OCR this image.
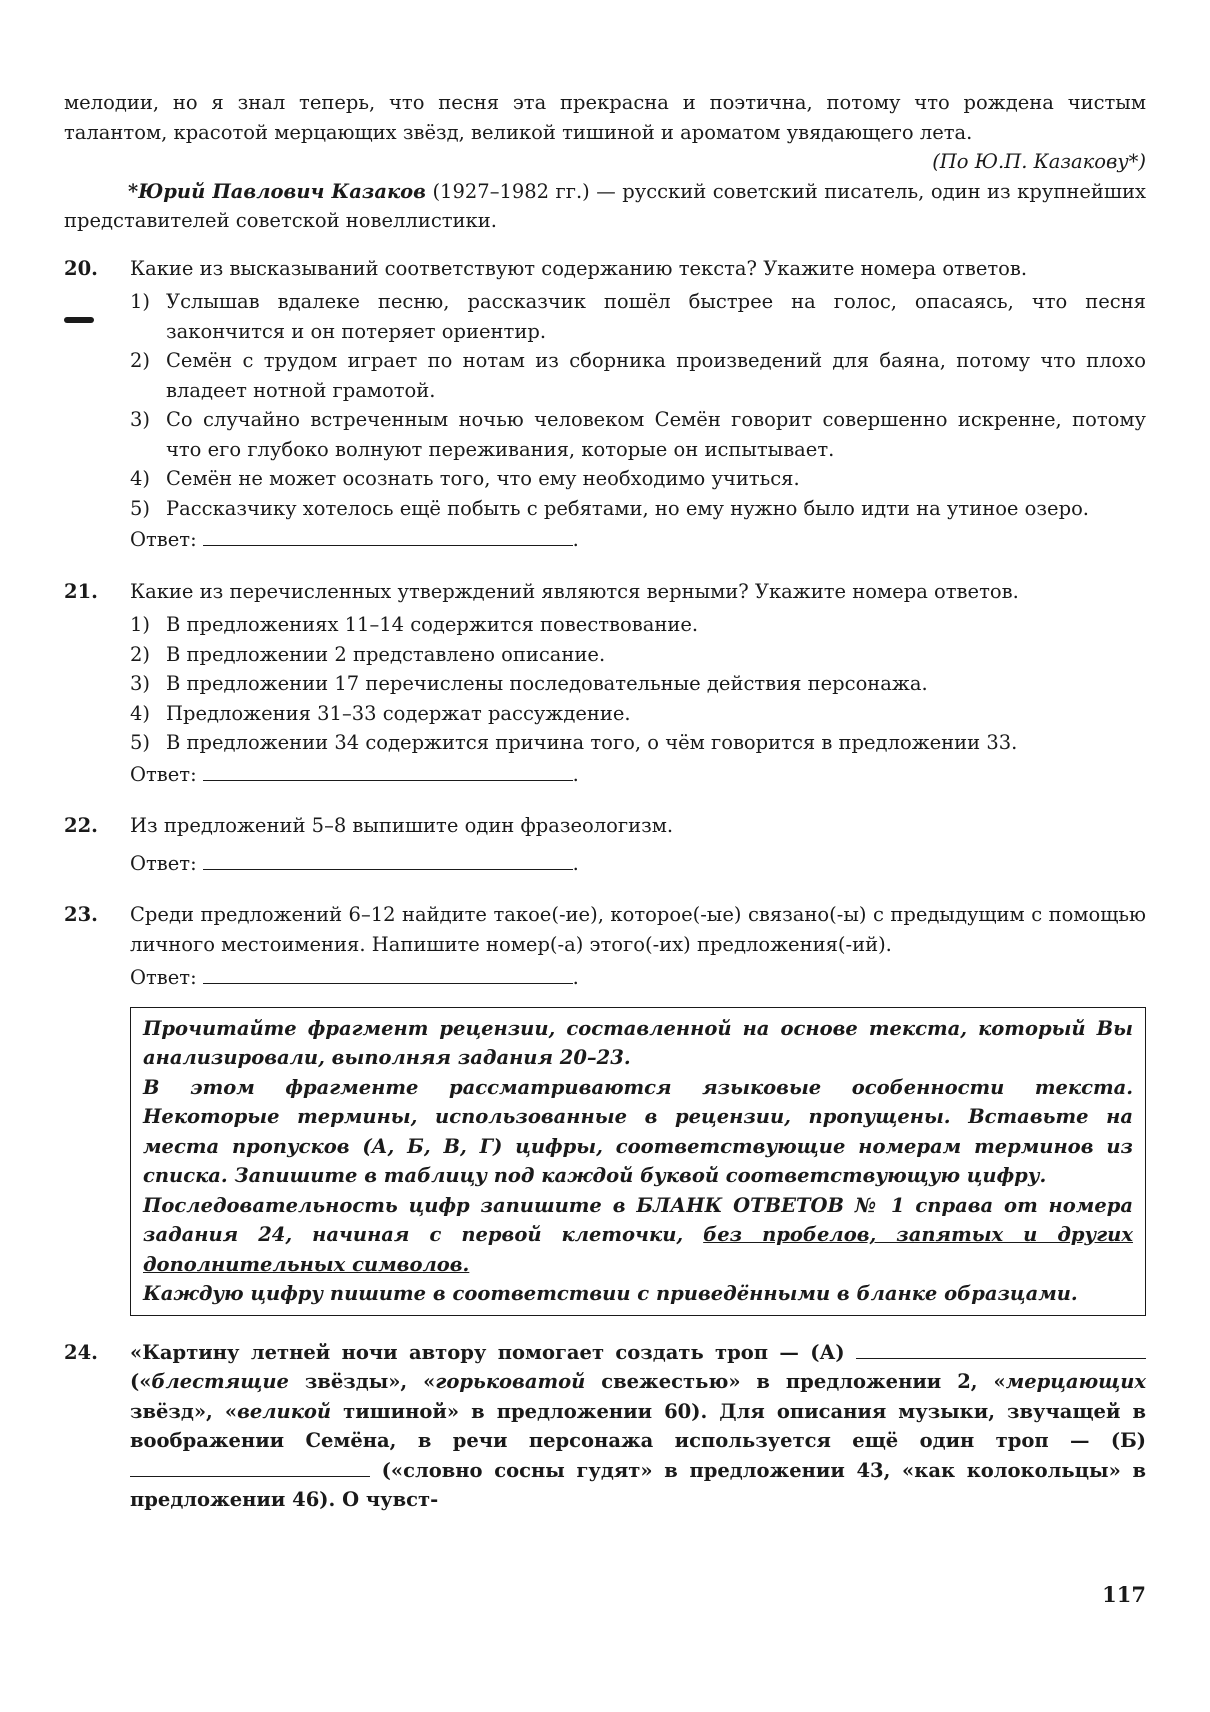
мелодии, но я знал теперь, что песня эта прекрасна и поэтична, потому что рождена чистым талантом, красотой мерцающих звёзд, великой тишиной и ароматом увядающего лета.
(По Ю.П. Казакову*)
*Юрий Павлович Казаков (1927–1982 гг.) — русский советский писатель, один из крупнейших представителей советской новеллистики.
20. Какие из высказываний соответствуют содержанию текста? Укажите номера ответов.
1) Услышав вдалеке песню, рассказчик пошёл быстрее на голос, опасаясь, что песня закончится и он потеряет ориентир.
2) Семён с трудом играет по нотам из сборника произведений для баяна, потому что плохо владеет нотной грамотой.
3) Со случайно встреченным ночью человеком Семён говорит совершенно искренне, потому что его глубоко волнуют переживания, которые он испытывает.
4) Семён не может осознать того, что ему необходимо учиться.
5) Рассказчику хотелось ещё побыть с ребятами, но ему нужно было идти на утиное озеро.
Ответ:	.
21. Какие из перечисленных утверждений являются верными? Укажите номера ответов.
1) В предложениях 11–14 содержится повествование.
2) В предложении 2 представлено описание.
3) В предложении 17 перечислены последовательные действия персонажа.
4) Предложения 31–33 содержат рассуждение.
5) В предложении 34 содержится причина того, о чём говорится в предложении 33.
Ответ:	.
22. Из предложений 5–8 выпишите один фразеологизм.
Ответ:	.
23. Среди предложений 6–12 найдите такое(-ие), которое(-ые) связано(-ы) с предыдущим с помощью личного местоимения. Напишите номер(-а) этого(-их) предложения(-ий).
Ответ:	.
Прочитайте фрагмент рецензии, составленной на основе текста, который Вы анализировали, выполняя задания 20–23.
В этом фрагменте рассматриваются языковые особенности текста. Некоторые термины, использованные в рецензии, пропущены. Вставьте на места пропусков (А, Б, В, Г) цифры, соответствующие номерам терминов из списка. Запишите в таблицу под каждой буквой соответствующую цифру.
Последовательность цифр запишите в БЛАНК ОТВЕТОВ № 1 справа от номера задания 24, начиная с первой клеточки, без пробелов, запятых и других дополнительных символов.
Каждую цифру пишите в соответствии с приведёнными в бланке образцами.
24. «Картину летней ночи автору помогает создать троп — (А)  («блестящие звёзды», «горьковатой свежестью» в предложении 2, «мерцающих звёзд», «великой тишиной» в предложении 60). Для описания музыки, звучащей в воображении Семёна, в речи персонажа используется ещё один троп — (Б)  («словно сосны гудят» в предложении 43, «как колокольцы» в предложении 46). О чувст-
117
